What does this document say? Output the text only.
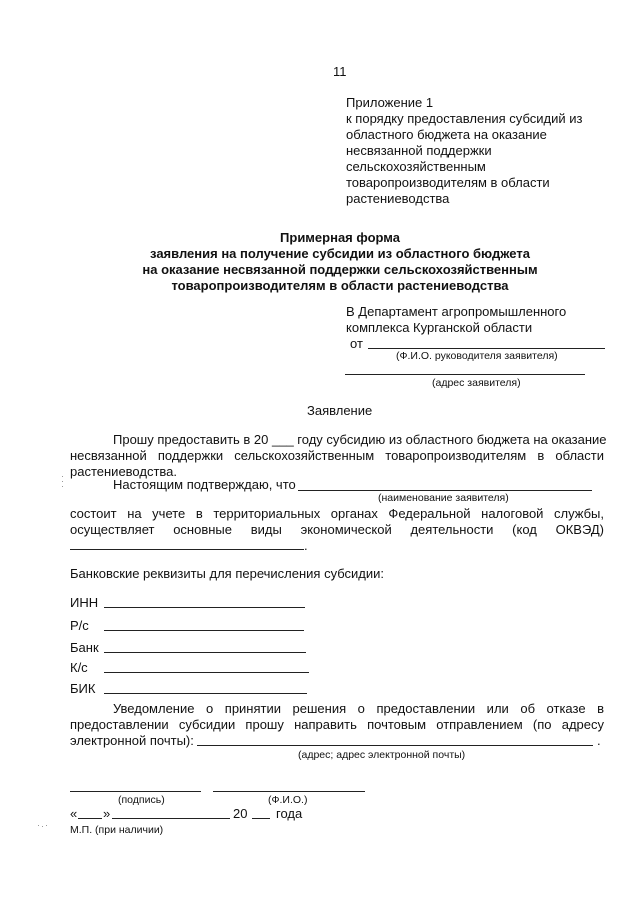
11
Приложение 1
к порядку предоставления субсидий из
областного бюджета на оказание
несвязанной поддержки
сельскохозяйственным
товаропроизводителям в области
растениеводства
Примерная форма
заявления на получение субсидии из областного бюджета
на оказание несвязанной поддержки сельскохозяйственным
товаропроизводителям в области растениеводства
В Департамент агропромышленного
комплекса Курганской области
от
(Ф.И.О. руководителя заявителя)
(адрес заявителя)
Заявление
Прошу предоставить в 20 ___ году субсидию из областного бюджета на оказание
несвязанной поддержки сельскохозяйственным товаропроизводителям в области
растениеводства.
Настоящим подтверждаю, что
(наименование заявителя)
состоит на учете в территориальных органах Федеральной налоговой службы,
осуществляет основные виды экономической деятельности (код ОКВЭД)
.
Банковские реквизиты для перечисления субсидии:
ИНН
Р/с
Банк
К/с
БИК
Уведомление о принятии решения о предоставлении или об отказе в
предоставлении субсидии прошу направить почтовым отправлением (по адресу
электронной почты):	.
(адрес; адрес электронной почты)
(подпись)	(Ф.И.О.)
« »	20 года
М.П. (при наличии)
